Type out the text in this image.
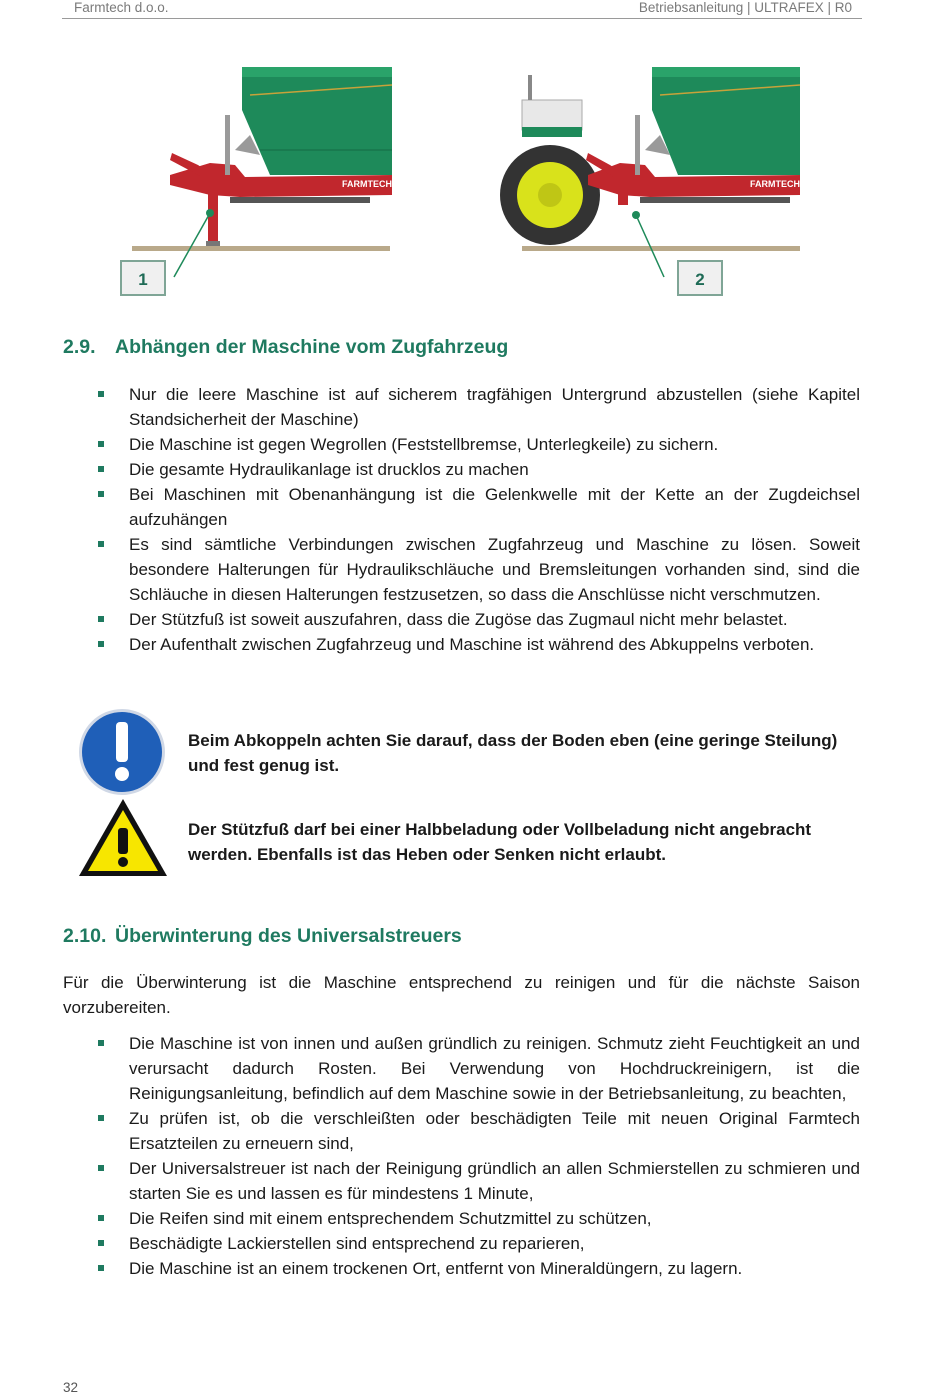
Farmtech d.o.o.	Betriebsanleitung | ULTRAFEX | R0
FARMTECH	FARMTECH
1	2
2.9. Abhängen der Maschine vom Zugfahrzeug
Nur die leere Maschine ist auf sicherem tragfähigen Untergrund abzustellen (siehe Kapitel Standsicherheit der Maschine)
Die Maschine ist gegen Wegrollen (Feststellbremse, Unterlegkeile) zu sichern.
Die gesamte Hydraulikanlage ist drucklos zu machen
Bei Maschinen mit Obenanhängung ist die Gelenkwelle mit der Kette an der Zugdeichsel aufzuhängen
Es sind sämtliche Verbindungen zwischen Zugfahrzeug und Maschine zu lösen. Soweit besondere Halterungen für Hydraulikschläuche und Bremsleitungen vorhanden sind, sind die Schläuche in diesen Halterungen festzusetzen, so dass die Anschlüsse nicht verschmutzen.
Der Stützfuß ist soweit auszufahren, dass die Zugöse das Zugmaul nicht mehr belastet.
Der Aufenthalt zwischen Zugfahrzeug und Maschine ist während des Abkuppelns verboten.
Beim Abkoppeln achten Sie darauf, dass der Boden eben (eine geringe Steilung) und fest genug ist.
Der Stützfuß darf bei einer Halbbeladung oder Vollbeladung nicht angebracht werden. Ebenfalls ist das Heben oder Senken nicht erlaubt.
2.10. Überwinterung des Universalstreuers
Für die Überwinterung ist die Maschine entsprechend zu reinigen und für die nächste Saison vorzubereiten.
Die Maschine ist von innen und außen gründlich zu reinigen. Schmutz zieht Feuchtigkeit an und verursacht dadurch Rosten. Bei Verwendung von Hochdruckreinigern, ist die Reinigungsanleitung, befindlich auf dem Maschine sowie in der Betriebsanleitung, zu beachten,
Zu prüfen ist, ob die verschleißten oder beschädigten Teile mit neuen Original Farmtech Ersatzteilen zu erneuern sind,
Der Universalstreuer ist nach der Reinigung gründlich an allen Schmierstellen zu schmieren und starten Sie es und lassen es für mindestens 1 Minute,
Die Reifen sind mit einem entsprechendem Schutzmittel zu schützen,
Beschädigte Lackierstellen sind entsprechend zu reparieren,
Die Maschine ist an einem trockenen Ort, entfernt von Mineraldüngern, zu lagern.
32
